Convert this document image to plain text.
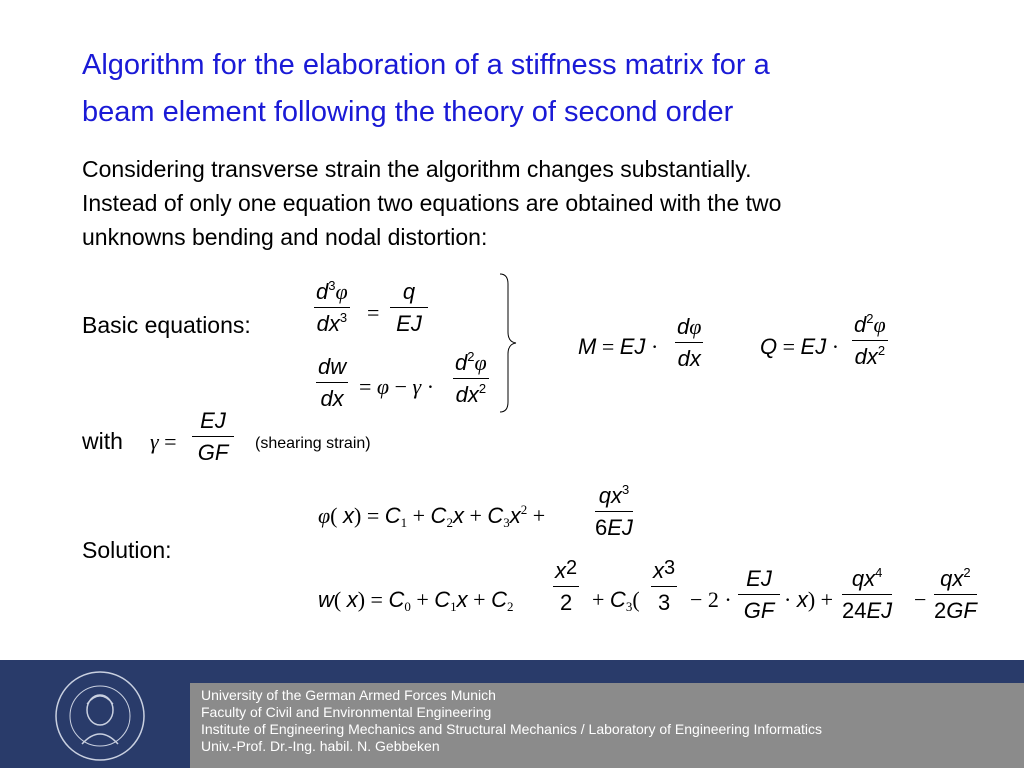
Algorithm for the elaboration of a stiffness matrix for a
beam element following the theory of second order
Considering transverse strain the algorithm changes substantially.
Instead of only one equation two equations are obtained with the two
unknowns bending and nodal distortion:
Basic equations:
$d^3\varphi$
$dx^3$ =
q
EJ
dw
dx = φ − γ ·
$d^2\varphi$
$dx^2$
M = EJ ·
dφ
dx	Q = EJ ·
$d^2\varphi$
$dx^2$
with γ =
EJ
GF	(shearing strain)
Solution:
φ( $x) = C_1 + C_2x + C_3x^2$ +
$qx^3$
6EJ
w( $x) = C_0 + C_1x + C_2$
$x^2$
$2 + C_3$(
$x^3$
3 − 2 ·
EJ
GF · x) +
$qx^4$
24EJ −
$qx^2$
2GF
University of the German Armed Forces Munich
Faculty of Civil and Environmental Engineering
Institute of Engineering Mechanics and Structural Mechanics / Laboratory of Engineering Informatics
Univ.-Prof. Dr.-Ing. habil. N. Gebbeken
